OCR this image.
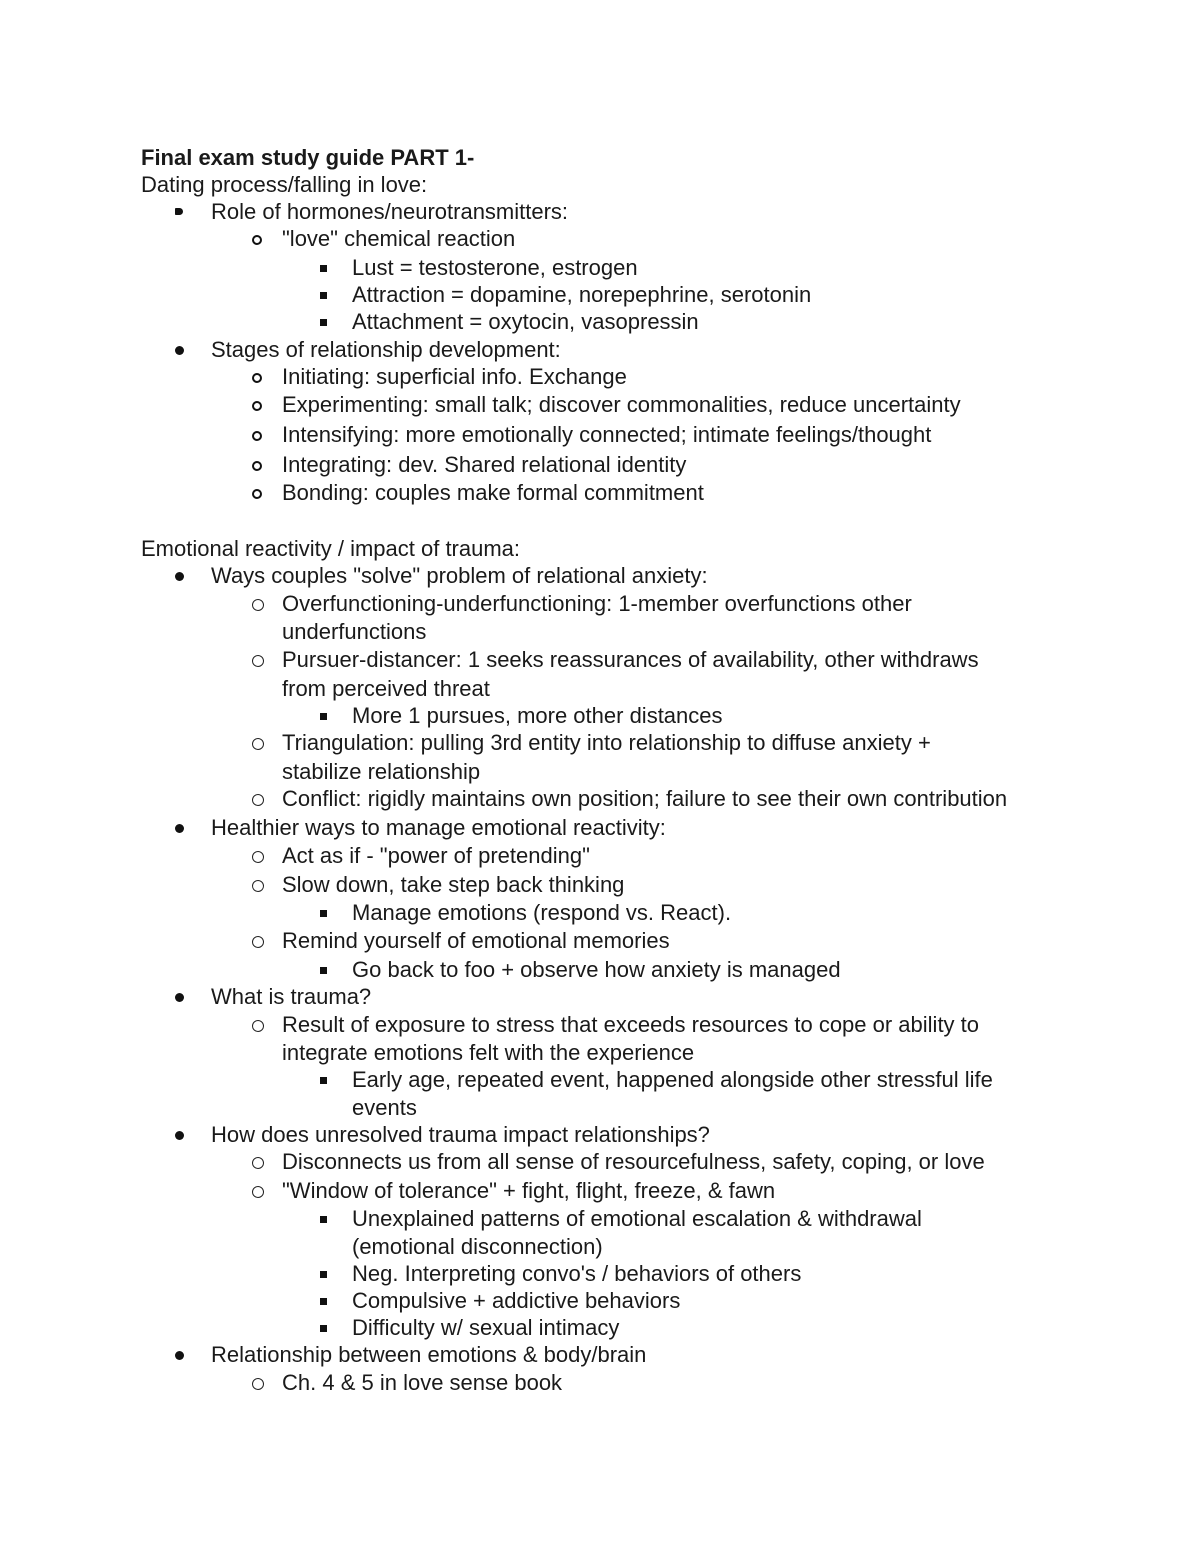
Final exam study guide PART 1-
Dating process/falling in love:
Role of hormones/neurotransmitters:
"love" chemical reaction
Lust = testosterone, estrogen
Attraction = dopamine, norepephrine, serotonin
Attachment = oxytocin, vasopressin
Stages of relationship development:
Initiating: superficial info. Exchange
Experimenting: small talk; discover commonalities, reduce uncertainty
Intensifying: more emotionally connected; intimate feelings/thought
Integrating: dev. Shared relational identity
Bonding: couples make formal commitment
Emotional reactivity / impact of trauma:
Ways couples "solve" problem of relational anxiety:
Overfunctioning-underfunctioning: 1-member overfunctions other
underfunctions
Pursuer-distancer: 1 seeks reassurances of availability, other withdraws
from perceived threat
More 1 pursues, more other distances
Triangulation: pulling 3rd entity into relationship to diffuse anxiety +
stabilize relationship
Conflict: rigidly maintains own position; failure to see their own contribution
Healthier ways to manage emotional reactivity:
Act as if - "power of pretending"
Slow down, take step back thinking
Manage emotions (respond vs. React).
Remind yourself of emotional memories
Go back to foo + observe how anxiety is managed
What is trauma?
Result of exposure to stress that exceeds resources to cope or ability to
integrate emotions felt with the experience
Early age, repeated event, happened alongside other stressful life
events
How does unresolved trauma impact relationships?
Disconnects us from all sense of resourcefulness, safety, coping, or love
"Window of tolerance" + fight, flight, freeze, & fawn
Unexplained patterns of emotional escalation & withdrawal
(emotional disconnection)
Neg. Interpreting convo's / behaviors of others
Compulsive + addictive behaviors
Difficulty w/ sexual intimacy
Relationship between emotions & body/brain
Ch. 4 & 5 in love sense book
